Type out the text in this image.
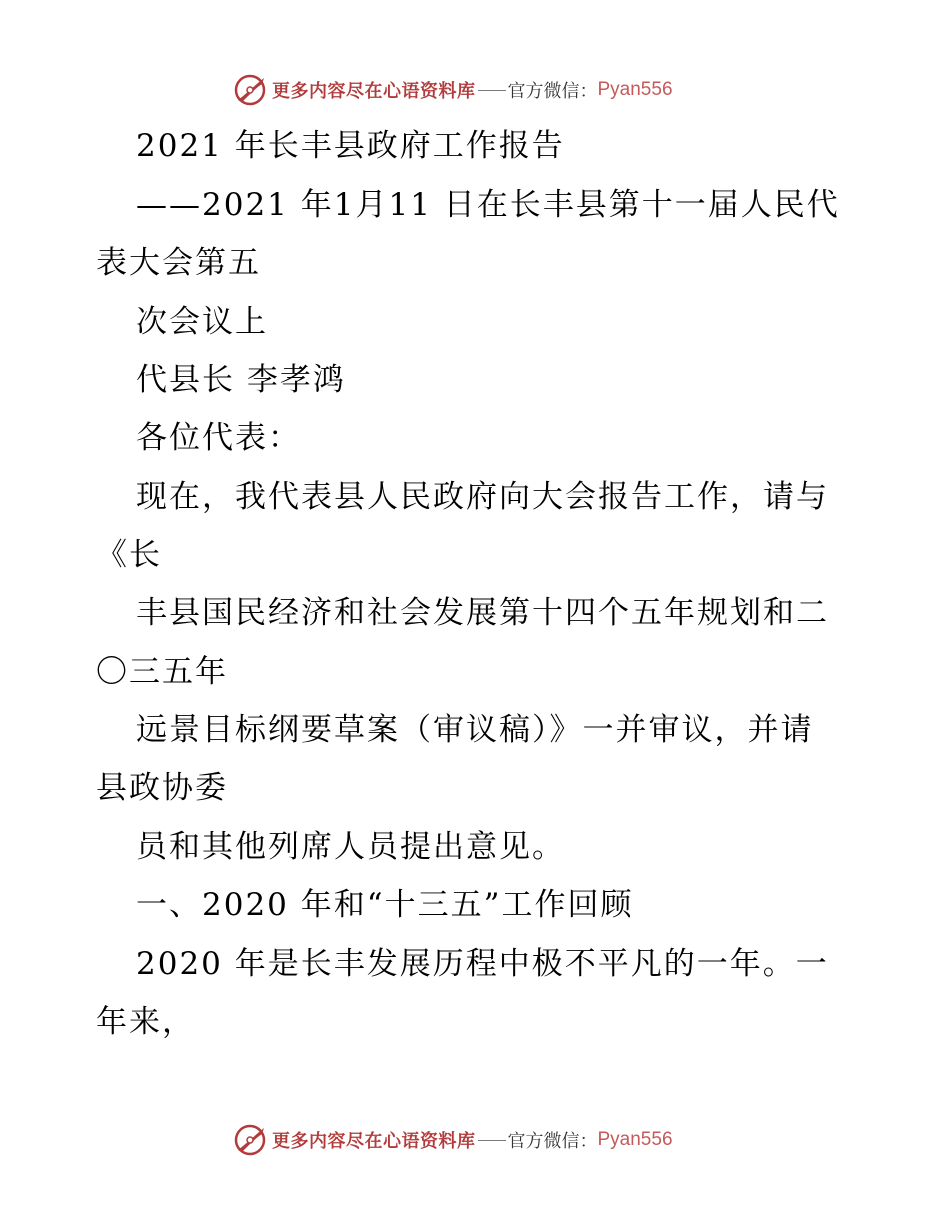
更多内容尽在心语资料库 官方微信： Pyan556
2021 年长丰县政府工作报告
——2021 年1月11 日在长丰县第十一届人民代
表大会第五
次会议上
代县长 李孝鸿
各位代表：
现在，我代表县人民政府向大会报告工作，请与
《长
丰县国民经济和社会发展第十四个五年规划和二
〇三五年
远景目标纲要草案（审议稿）》一并审议，并请
县政协委
员和其他列席人员提出意见。
一、2020 年和“十三五”工作回顾
2020 年是长丰发展历程中极不平凡的一年。一
年来，
更多内容尽在心语资料库 官方微信： Pyan556
